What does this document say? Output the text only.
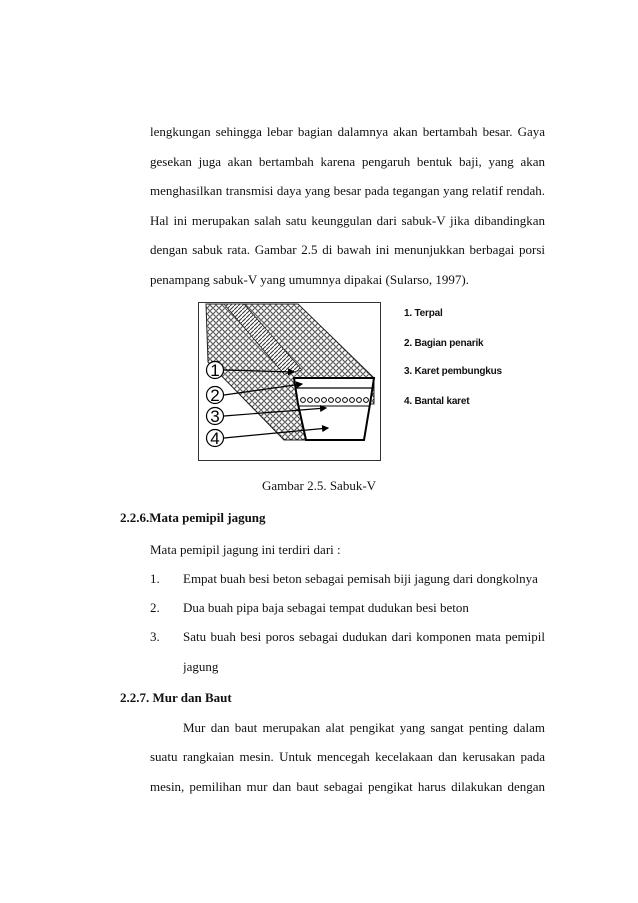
lengkungan sehingga lebar bagian dalamnya akan bertambah besar. Gaya
gesekan juga akan bertambah karena pengaruh bentuk baji, yang akan
menghasilkan transmisi daya yang besar pada tegangan yang relatif rendah.
Hal ini merupakan salah satu keunggulan dari sabuk-V jika dibandingkan
dengan sabuk rata. Gambar 2.5 di bawah ini menunjukkan berbagai porsi
penampang sabuk-V yang umumnya dipakai (Sularso, 1997).
1
2
3
4
1. Terpal
2. Bagian penarik
3. Karet pembungkus
4. Bantal karet
Gambar 2.5. Sabuk-V
2.2.6.Mata pemipil jagung
Mata pemipil jagung ini terdiri dari :
1. Empat buah besi beton sebagai pemisah biji jagung dari dongkolnya
2. Dua buah pipa baja sebagai tempat dudukan besi beton
3. Satu buah besi poros sebagai dudukan dari komponen mata pemipil
jagung
2.2.7. Mur dan Baut
Mur dan baut merupakan alat pengikat yang sangat penting dalam
suatu rangkaian mesin. Untuk mencegah kecelakaan dan kerusakan pada
mesin, pemilihan mur dan baut sebagai pengikat harus dilakukan dengan
